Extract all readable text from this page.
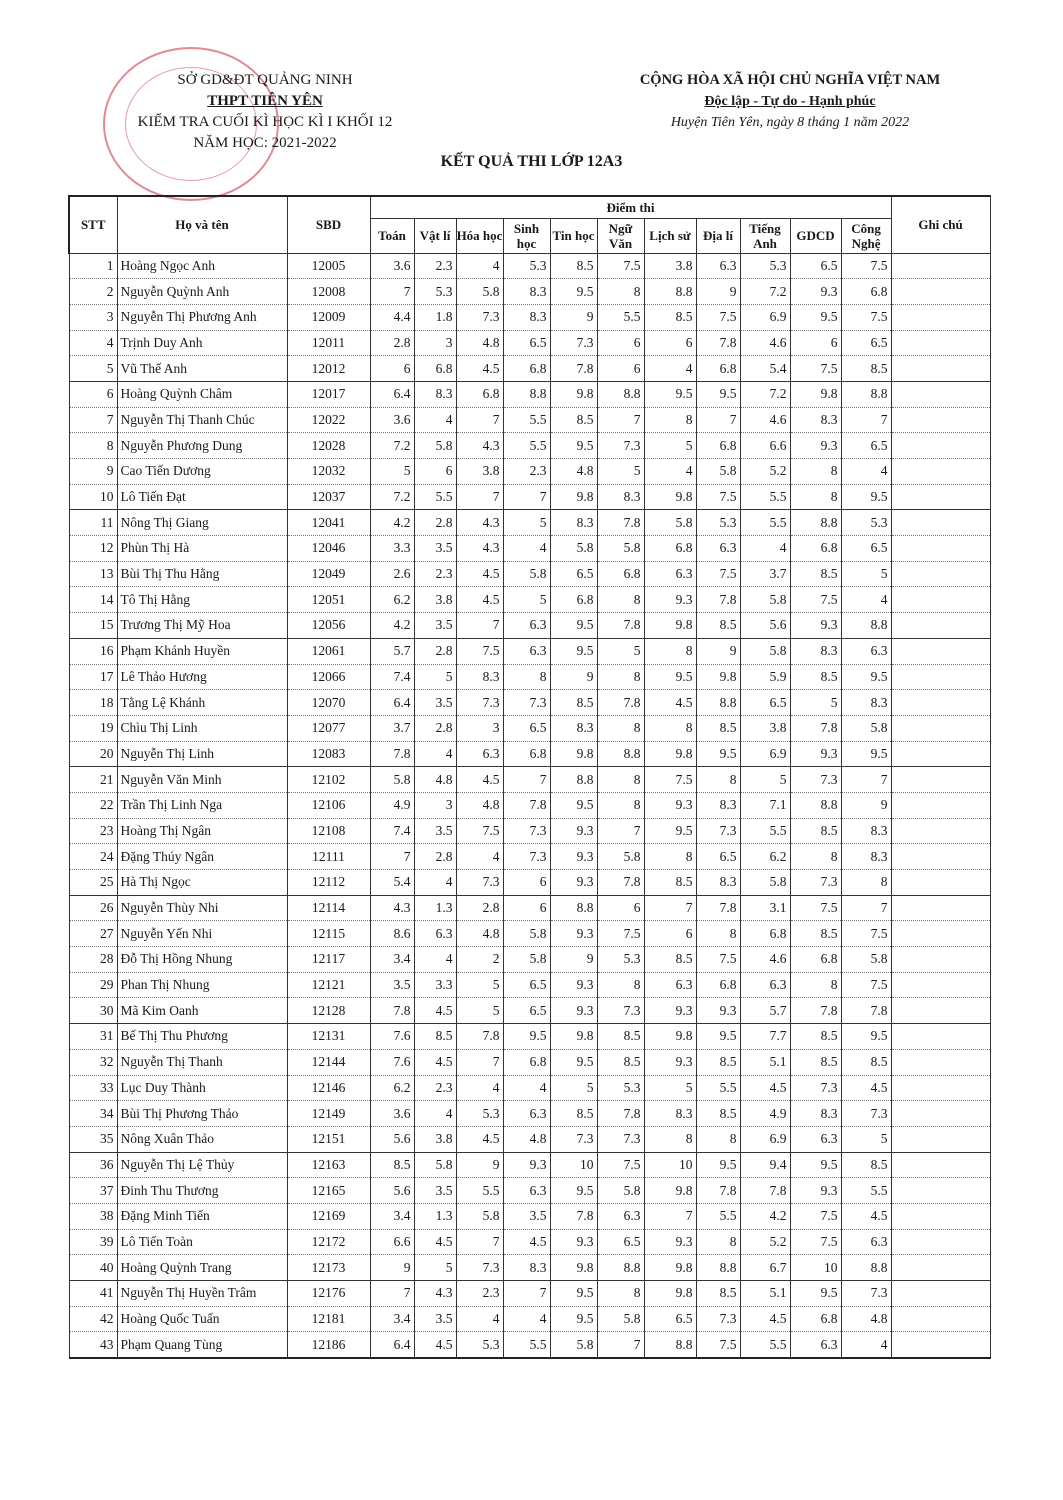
SỞ GD&ĐT QUẢNG NINH
THPT TIÊN YÊN
KIỂM TRA CUỐI KÌ HỌC KÌ I KHỐI 12
NĂM HỌC: 2021-2022
CỘNG HÒA XÃ HỘI CHỦ NGHĨA VIỆT NAM
Độc lập - Tự do - Hạnh phúc
Huyện Tiên Yên, ngày 8 tháng 1 năm 2022
KẾT QUẢ THI LỚP 12A3
STT	Họ và tên	SBD	Điểm thi											Ghi chú
			Toán	Vật lí	Hóa học	Sinh học	Tin học	Ngữ Văn	Lịch sử	Địa lí	Tiếng Anh	GDCD	Công Nghệ	
1	Hoàng Ngọc Anh	12005	3.6	2.3	4	5.3	8.5	7.5	3.8	6.3	5.3	6.5	7.5	
2	Nguyễn Quỳnh Anh	12008	7	5.3	5.8	8.3	9.5	8	8.8	9	7.2	9.3	6.8	
3	Nguyễn Thị Phương Anh	12009	4.4	1.8	7.3	8.3	9	5.5	8.5	7.5	6.9	9.5	7.5	
4	Trịnh Duy Anh	12011	2.8	3	4.8	6.5	7.3	6	6	7.8	4.6	6	6.5	
5	Vũ Thế Anh	12012	6	6.8	4.5	6.8	7.8	6	4	6.8	5.4	7.5	8.5	
6	Hoàng Quỳnh Châm	12017	6.4	8.3	6.8	8.8	9.8	8.8	9.5	9.5	7.2	9.8	8.8	
7	Nguyễn Thị Thanh Chúc	12022	3.6	4	7	5.5	8.5	7	8	7	4.6	8.3	7	
8	Nguyễn Phương Dung	12028	7.2	5.8	4.3	5.5	9.5	7.3	5	6.8	6.6	9.3	6.5	
9	Cao Tiến Dương	12032	5	6	3.8	2.3	4.8	5	4	5.8	5.2	8	4	
10	Lô Tiến Đạt	12037	7.2	5.5	7	7	9.8	8.3	9.8	7.5	5.5	8	9.5	
11	Nông Thị Giang	12041	4.2	2.8	4.3	5	8.3	7.8	5.8	5.3	5.5	8.8	5.3	
12	Phùn Thị Hà	12046	3.3	3.5	4.3	4	5.8	5.8	6.8	6.3	4	6.8	6.5	
13	Bùi Thị Thu Hằng	12049	2.6	2.3	4.5	5.8	6.5	6.8	6.3	7.5	3.7	8.5	5	
14	Tô Thị Hằng	12051	6.2	3.8	4.5	5	6.8	8	9.3	7.8	5.8	7.5	4	
15	Trương Thị Mỹ Hoa	12056	4.2	3.5	7	6.3	9.5	7.8	9.8	8.5	5.6	9.3	8.8	
16	Phạm Khánh Huyền	12061	5.7	2.8	7.5	6.3	9.5	5	8	9	5.8	8.3	6.3	
17	Lê Thảo Hương	12066	7.4	5	8.3	8	9	8	9.5	9.8	5.9	8.5	9.5	
18	Tằng Lệ Khánh	12070	6.4	3.5	7.3	7.3	8.5	7.8	4.5	8.8	6.5	5	8.3	
19	Chìu Thị Linh	12077	3.7	2.8	3	6.5	8.3	8	8	8.5	3.8	7.8	5.8	
20	Nguyễn Thị Linh	12083	7.8	4	6.3	6.8	9.8	8.8	9.8	9.5	6.9	9.3	9.5	
21	Nguyễn Văn Minh	12102	5.8	4.8	4.5	7	8.8	8	7.5	8	5	7.3	7	
22	Trần Thị Linh Nga	12106	4.9	3	4.8	7.8	9.5	8	9.3	8.3	7.1	8.8	9	
23	Hoàng Thị Ngân	12108	7.4	3.5	7.5	7.3	9.3	7	9.5	7.3	5.5	8.5	8.3	
24	Đặng Thúy Ngân	12111	7	2.8	4	7.3	9.3	5.8	8	6.5	6.2	8	8.3	
25	Hà Thị Ngọc	12112	5.4	4	7.3	6	9.3	7.8	8.5	8.3	5.8	7.3	8	
26	Nguyễn Thùy Nhi	12114	4.3	1.3	2.8	6	8.8	6	7	7.8	3.1	7.5	7	
27	Nguyễn Yến Nhi	12115	8.6	6.3	4.8	5.8	9.3	7.5	6	8	6.8	8.5	7.5	
28	Đỗ Thị Hồng Nhung	12117	3.4	4	2	5.8	9	5.3	8.5	7.5	4.6	6.8	5.8	
29	Phan Thị Nhung	12121	3.5	3.3	5	6.5	9.3	8	6.3	6.8	6.3	8	7.5	
30	Mã Kim Oanh	12128	7.8	4.5	5	6.5	9.3	7.3	9.3	9.3	5.7	7.8	7.8	
31	Bế Thị Thu Phương	12131	7.6	8.5	7.8	9.5	9.8	8.5	9.8	9.5	7.7	8.5	9.5	
32	Nguyễn Thị Thanh	12144	7.6	4.5	7	6.8	9.5	8.5	9.3	8.5	5.1	8.5	8.5	
33	Lục Duy Thành	12146	6.2	2.3	4	4	5	5.3	5	5.5	4.5	7.3	4.5	
34	Bùi Thị Phương Thảo	12149	3.6	4	5.3	6.3	8.5	7.8	8.3	8.5	4.9	8.3	7.3	
35	Nông Xuân Thảo	12151	5.6	3.8	4.5	4.8	7.3	7.3	8	8	6.9	6.3	5	
36	Nguyễn Thị Lệ Thủy	12163	8.5	5.8	9	9.3	10	7.5	10	9.5	9.4	9.5	8.5	
37	Đinh Thu Thương	12165	5.6	3.5	5.5	6.3	9.5	5.8	9.8	7.8	7.8	9.3	5.5	
38	Đặng Minh Tiến	12169	3.4	1.3	5.8	3.5	7.8	6.3	7	5.5	4.2	7.5	4.5	
39	Lô Tiến Toàn	12172	6.6	4.5	7	4.5	9.3	6.5	9.3	8	5.2	7.5	6.3	
40	Hoàng Quỳnh Trang	12173	9	5	7.3	8.3	9.8	8.8	9.8	8.8	6.7	10	8.8	
41	Nguyễn Thị Huyền Trâm	12176	7	4.3	2.3	7	9.5	8	9.8	8.5	5.1	9.5	7.3	
42	Hoàng Quốc Tuấn	12181	3.4	3.5	4	4	9.5	5.8	6.5	7.3	4.5	6.8	4.8	
43	Phạm Quang Tùng	12186	6.4	4.5	5.3	5.5	5.8	7	8.8	7.5	5.5	6.3	4	
